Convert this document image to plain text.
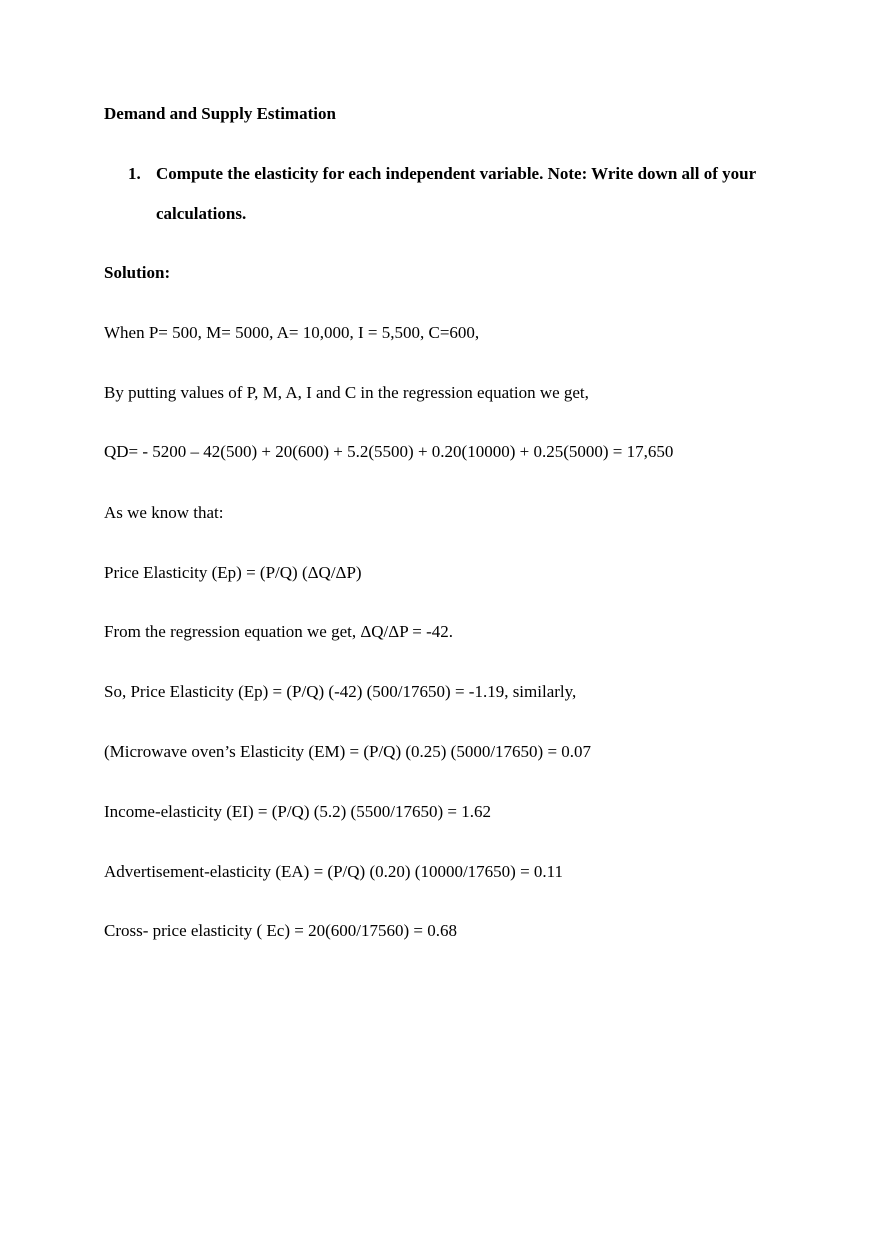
Demand and Supply Estimation
1. Compute the elasticity for each independent variable. Note: Write down all of your
calculations.
Solution:
When P= 500, M= 5000, A= 10,000, I = 5,500, C=600,
By putting values of P, M, A, I and C in the regression equation we get,
QD= - 5200 – 42(500) + 20(600) + 5.2(5500) + 0.20(10000) + 0.25(5000) = 17,650
As we know that:
Price Elasticity (Ep) = (P/Q) (ΔQ/ΔP)
From the regression equation we get, ΔQ/ΔP = -42.
So, Price Elasticity (Ep) = (P/Q) (-42) (500/17650) = -1.19, similarly,
(Microwave oven’s Elasticity (EM) = (P/Q) (0.25) (5000/17650) = 0.07
Income-elasticity (EI) = (P/Q) (5.2) (5500/17650) = 1.62
Advertisement-elasticity (EA) = (P/Q) (0.20) (10000/17650) = 0.11
Cross- price elasticity ( Ec) = 20(600/17560) = 0.68
